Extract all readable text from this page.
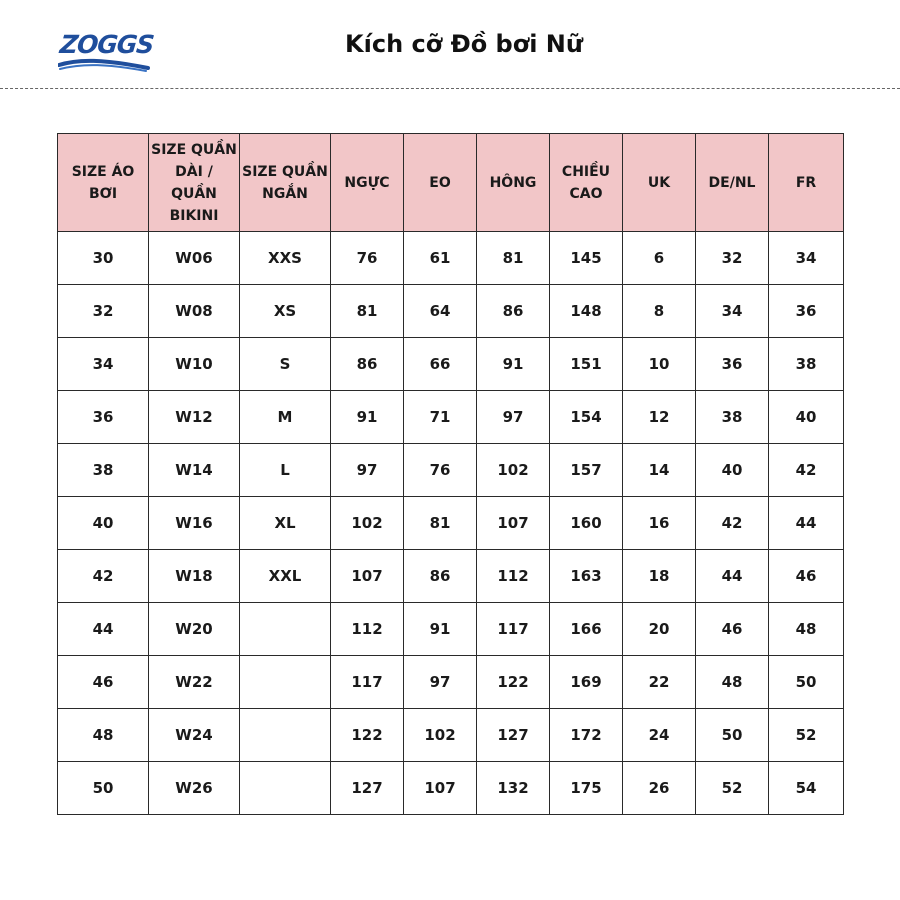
ZOGGS	Kích cỡ Đồ bơi Nữ
SIZE ÁO BƠI	SIZE QUẦN DÀI / QUẦN BIKINI	SIZE QUẦN NGẮN	NGỰC	EO	HÔNG	CHIỀU CAO	UK	DE/NL	FR
30	W06	XXS	76	61	81	145	6	32	34
32	W08	XS	81	64	86	148	8	34	36
34	W10	S	86	66	91	151	10	36	38
36	W12	M	91	71	97	154	12	38	40
38	W14	L	97	76	102	157	14	40	42
40	W16	XL	102	81	107	160	16	42	44
42	W18	XXL	107	86	112	163	18	44	46
44	W20		112	91	117	166	20	46	48
46	W22		117	97	122	169	22	48	50
48	W24		122	102	127	172	24	50	52
50	W26		127	107	132	175	26	52	54
